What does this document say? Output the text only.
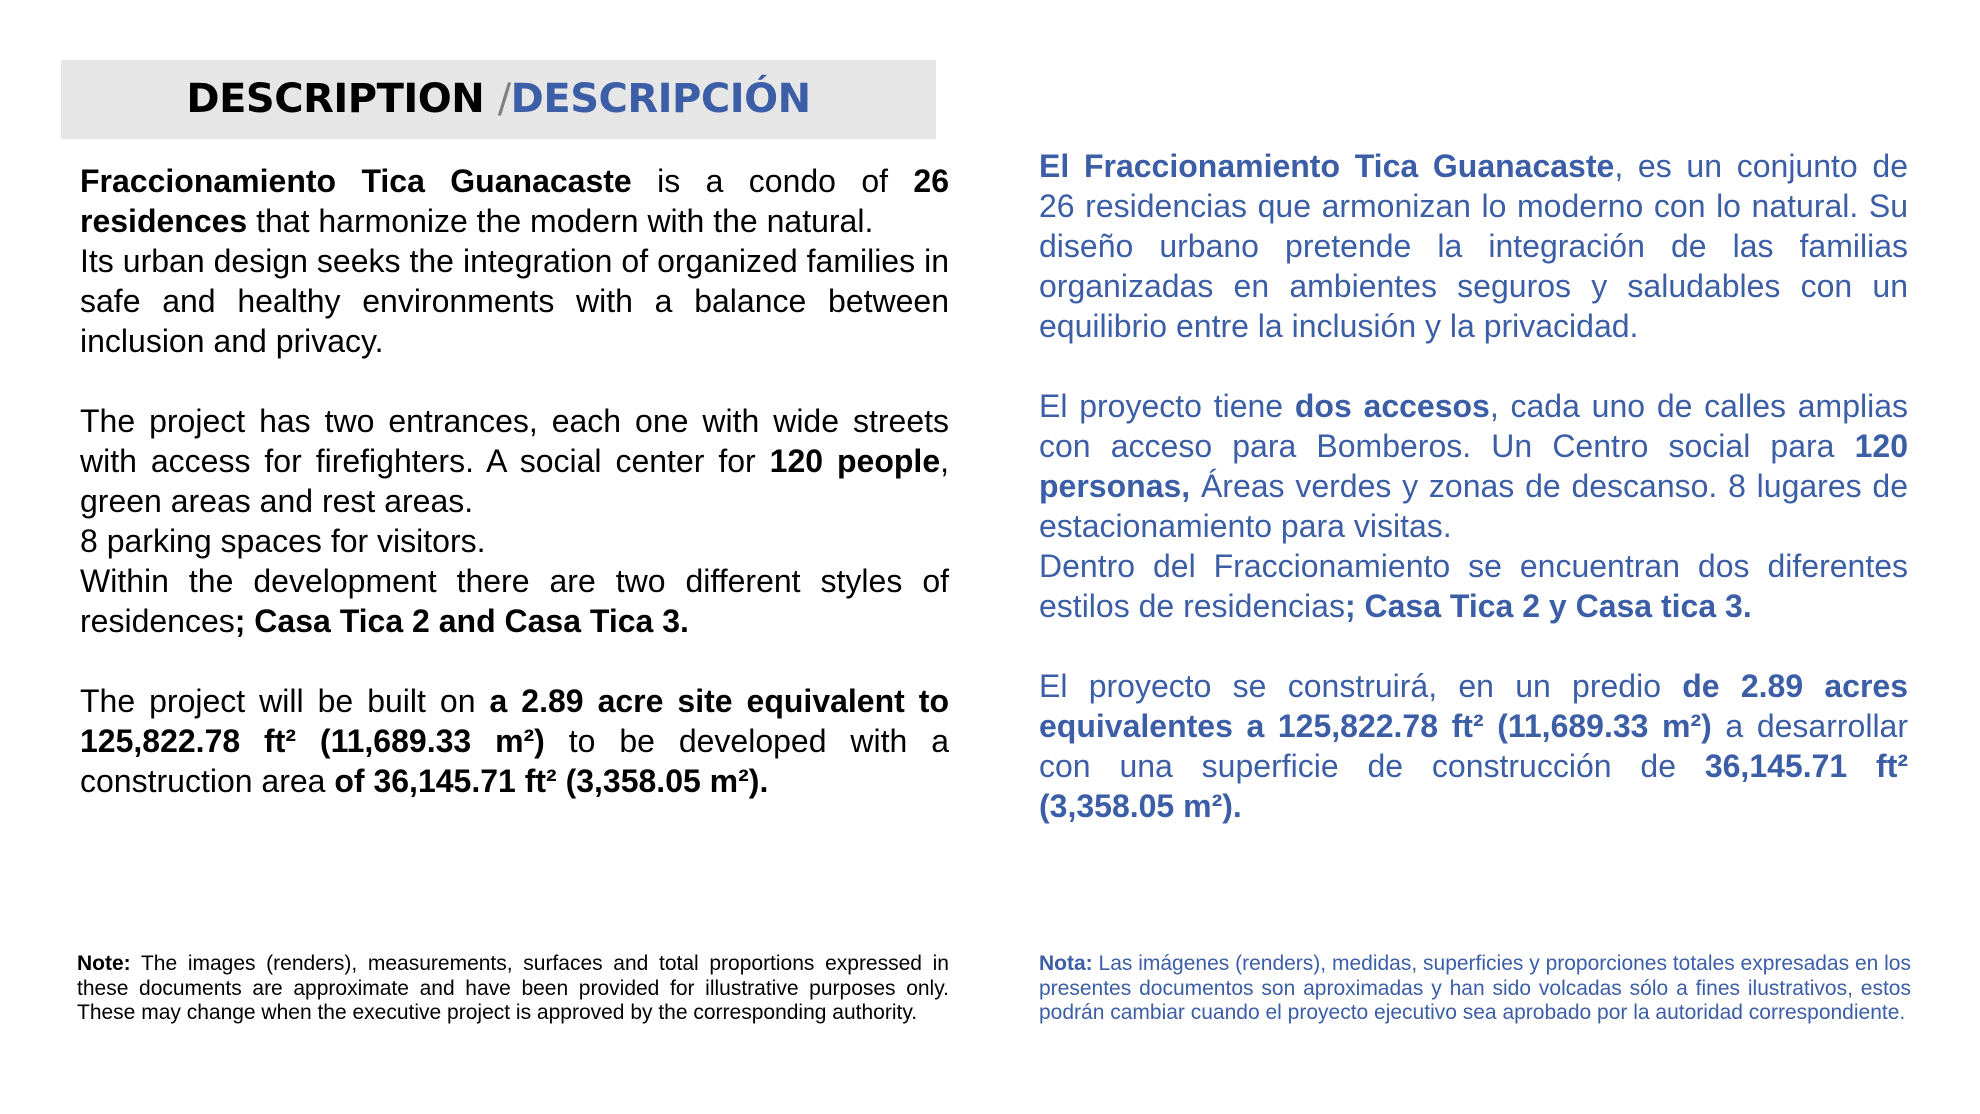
DESCRIPTION /DESCRIPCIÓN

Fraccionamiento Tica Guanacaste is a condo of 26 residences that harmonize the modern with the natural.

Its urban design seeks the integration of organized families in safe and healthy environments with a balance between inclusion and privacy.

The project has two entrances, each one with wide streets with access for firefighters. A social center for 120 people, green areas and rest areas.

8 parking spaces for visitors.

Within the development there are two different styles of residences; Casa Tica 2 and Casa Tica 3.

The project will be built on a 2.89 acre site equivalent to 125,822.78 ft² (11,689.33 m²) to be developed with a construction area of 36,145.71 ft² (3,358.05 m²).

El Fraccionamiento Tica Guanacaste, es un conjunto de 26 residencias que armonizan lo moderno con lo natural. Su diseño urbano pretende la integración de las familias organizadas en ambientes seguros y saludables con un equilibrio entre la inclusión y la privacidad.

El proyecto tiene dos accesos, cada uno de calles amplias con acceso para Bomberos. Un Centro social para 120  personas, Áreas verdes y zonas de descanso. 8 lugares de estacionamiento para visitas.

Dentro del Fraccionamiento se encuentran dos diferentes estilos de residencias; Casa Tica 2 y Casa tica 3.

El proyecto se construirá, en un predio de 2.89 acres equivalentes a 125,822.78 ft² (11,689.33 m²) a desarrollar con una superficie de construcción de 36,145.71 ft² (3,358.05 m²).

Note: The images (renders), measurements, surfaces and total proportions expressed in these documents are approximate and have been provided for illustrative purposes only. These may change when the executive project is approved by the corresponding authority.
Nota: Las imágenes (renders), medidas, superficies y proporciones totales expresadas en los presentes documentos son aproximadas y han sido volcadas sólo a fines ilustrativos, estos podrán cambiar cuando el proyecto ejecutivo sea aprobado por la autoridad correspondiente.
